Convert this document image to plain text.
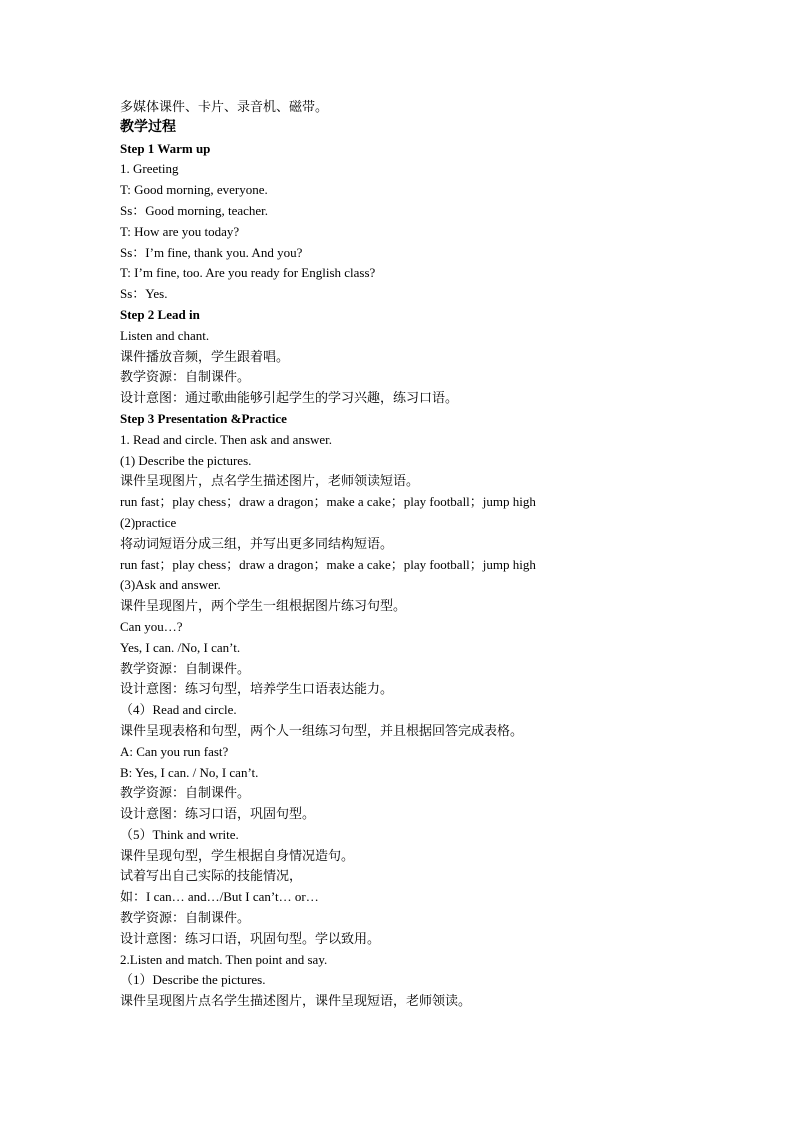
多媒体课件、卡片、录音机、磁带。
教学过程
Step 1 Warm up
1. Greeting
T: Good morning, everyone.
Ss：Good morning, teacher.
T: How are you today?
Ss：I’m fine, thank you. And you?
T: I’m fine, too. Are you ready for English class?
Ss：Yes.
Step 2 Lead in
Listen and chant.
课件播放音频，学生跟着唱。
教学资源：自制课件。
设计意图：通过歌曲能够引起学生的学习兴趣，练习口语。
Step 3 Presentation &Practice
1. Read and circle. Then ask and answer.
(1) Describe the pictures.
课件呈现图片，点名学生描述图片，老师领读短语。
run fast；play chess；draw a dragon；make a cake；play football；jump high
(2)practice
将动词短语分成三组，并写出更多同结构短语。
run fast；play chess；draw a dragon；make a cake；play football；jump high
(3)Ask and answer.
课件呈现图片，两个学生一组根据图片练习句型。
Can you…?
Yes, I can. /No, I can’t.
教学资源：自制课件。
设计意图：练习句型，培养学生口语表达能力。
（4）Read and circle.
课件呈现表格和句型，两个人一组练习句型，并且根据回答完成表格。
A: Can you run fast?
B: Yes, I can. / No, I can’t.
教学资源：自制课件。
设计意图：练习口语，巩固句型。
（5）Think and write.
课件呈现句型，学生根据自身情况造句。
试着写出自己实际的技能情况，
如：I can… and…/But I can’t… or…
教学资源：自制课件。
设计意图：练习口语，巩固句型。学以致用。
2.Listen and match. Then point and say.
（1）Describe the pictures.
课件呈现图片点名学生描述图片，课件呈现短语，老师领读。
